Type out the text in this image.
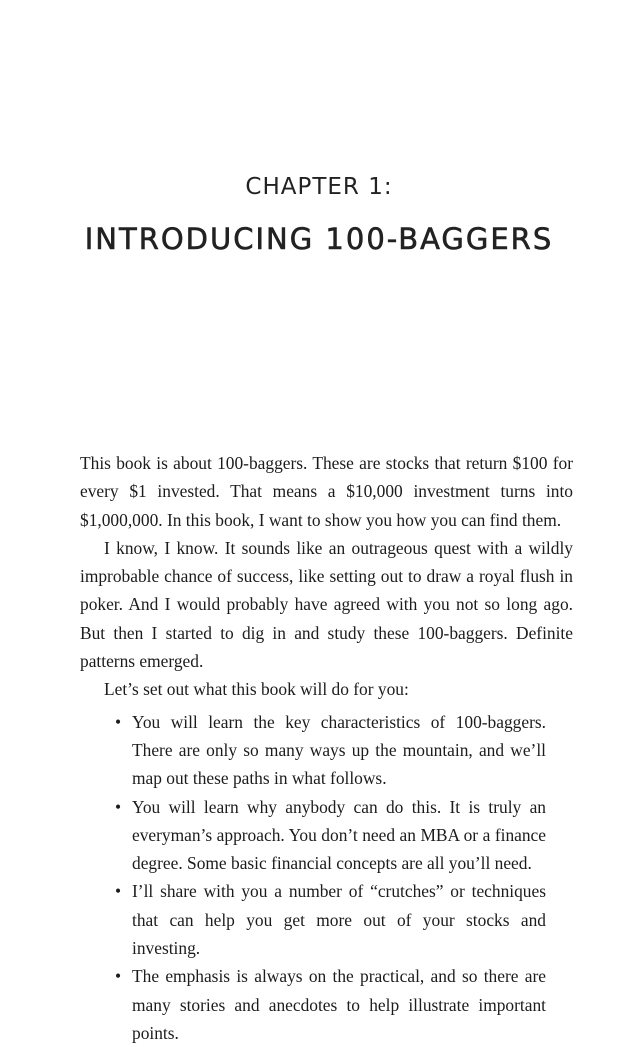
CHAPTER 1:
INTRODUCING 100-BAGGERS

This book is about 100-baggers. These are stocks that return $100 for every $1 invested. That means a $10,000 investment turns into $1,000,000. In this book, I want to show you how you can find them.

I know, I know. It sounds like an outrageous quest with a wildly improbable chance of success, like setting out to draw a royal flush in poker. And I would probably have agreed with you not so long ago. But then I started to dig in and study these 100-baggers. Definite patterns emerged.

Let’s set out what this book will do for you:

• You will learn the key characteristics of 100-baggers. There are only so many ways up the mountain, and we’ll map out these paths in what follows.
• You will learn why anybody can do this. It is truly an everyman’s approach. You don’t need an MBA or a finance degree. Some basic financial concepts are all you’ll need.
• I’ll share with you a number of “crutches” or techniques that can help you get more out of your stocks and investing.
• The emphasis is always on the practical, and so there are many stories and anecdotes to help illustrate important points.
